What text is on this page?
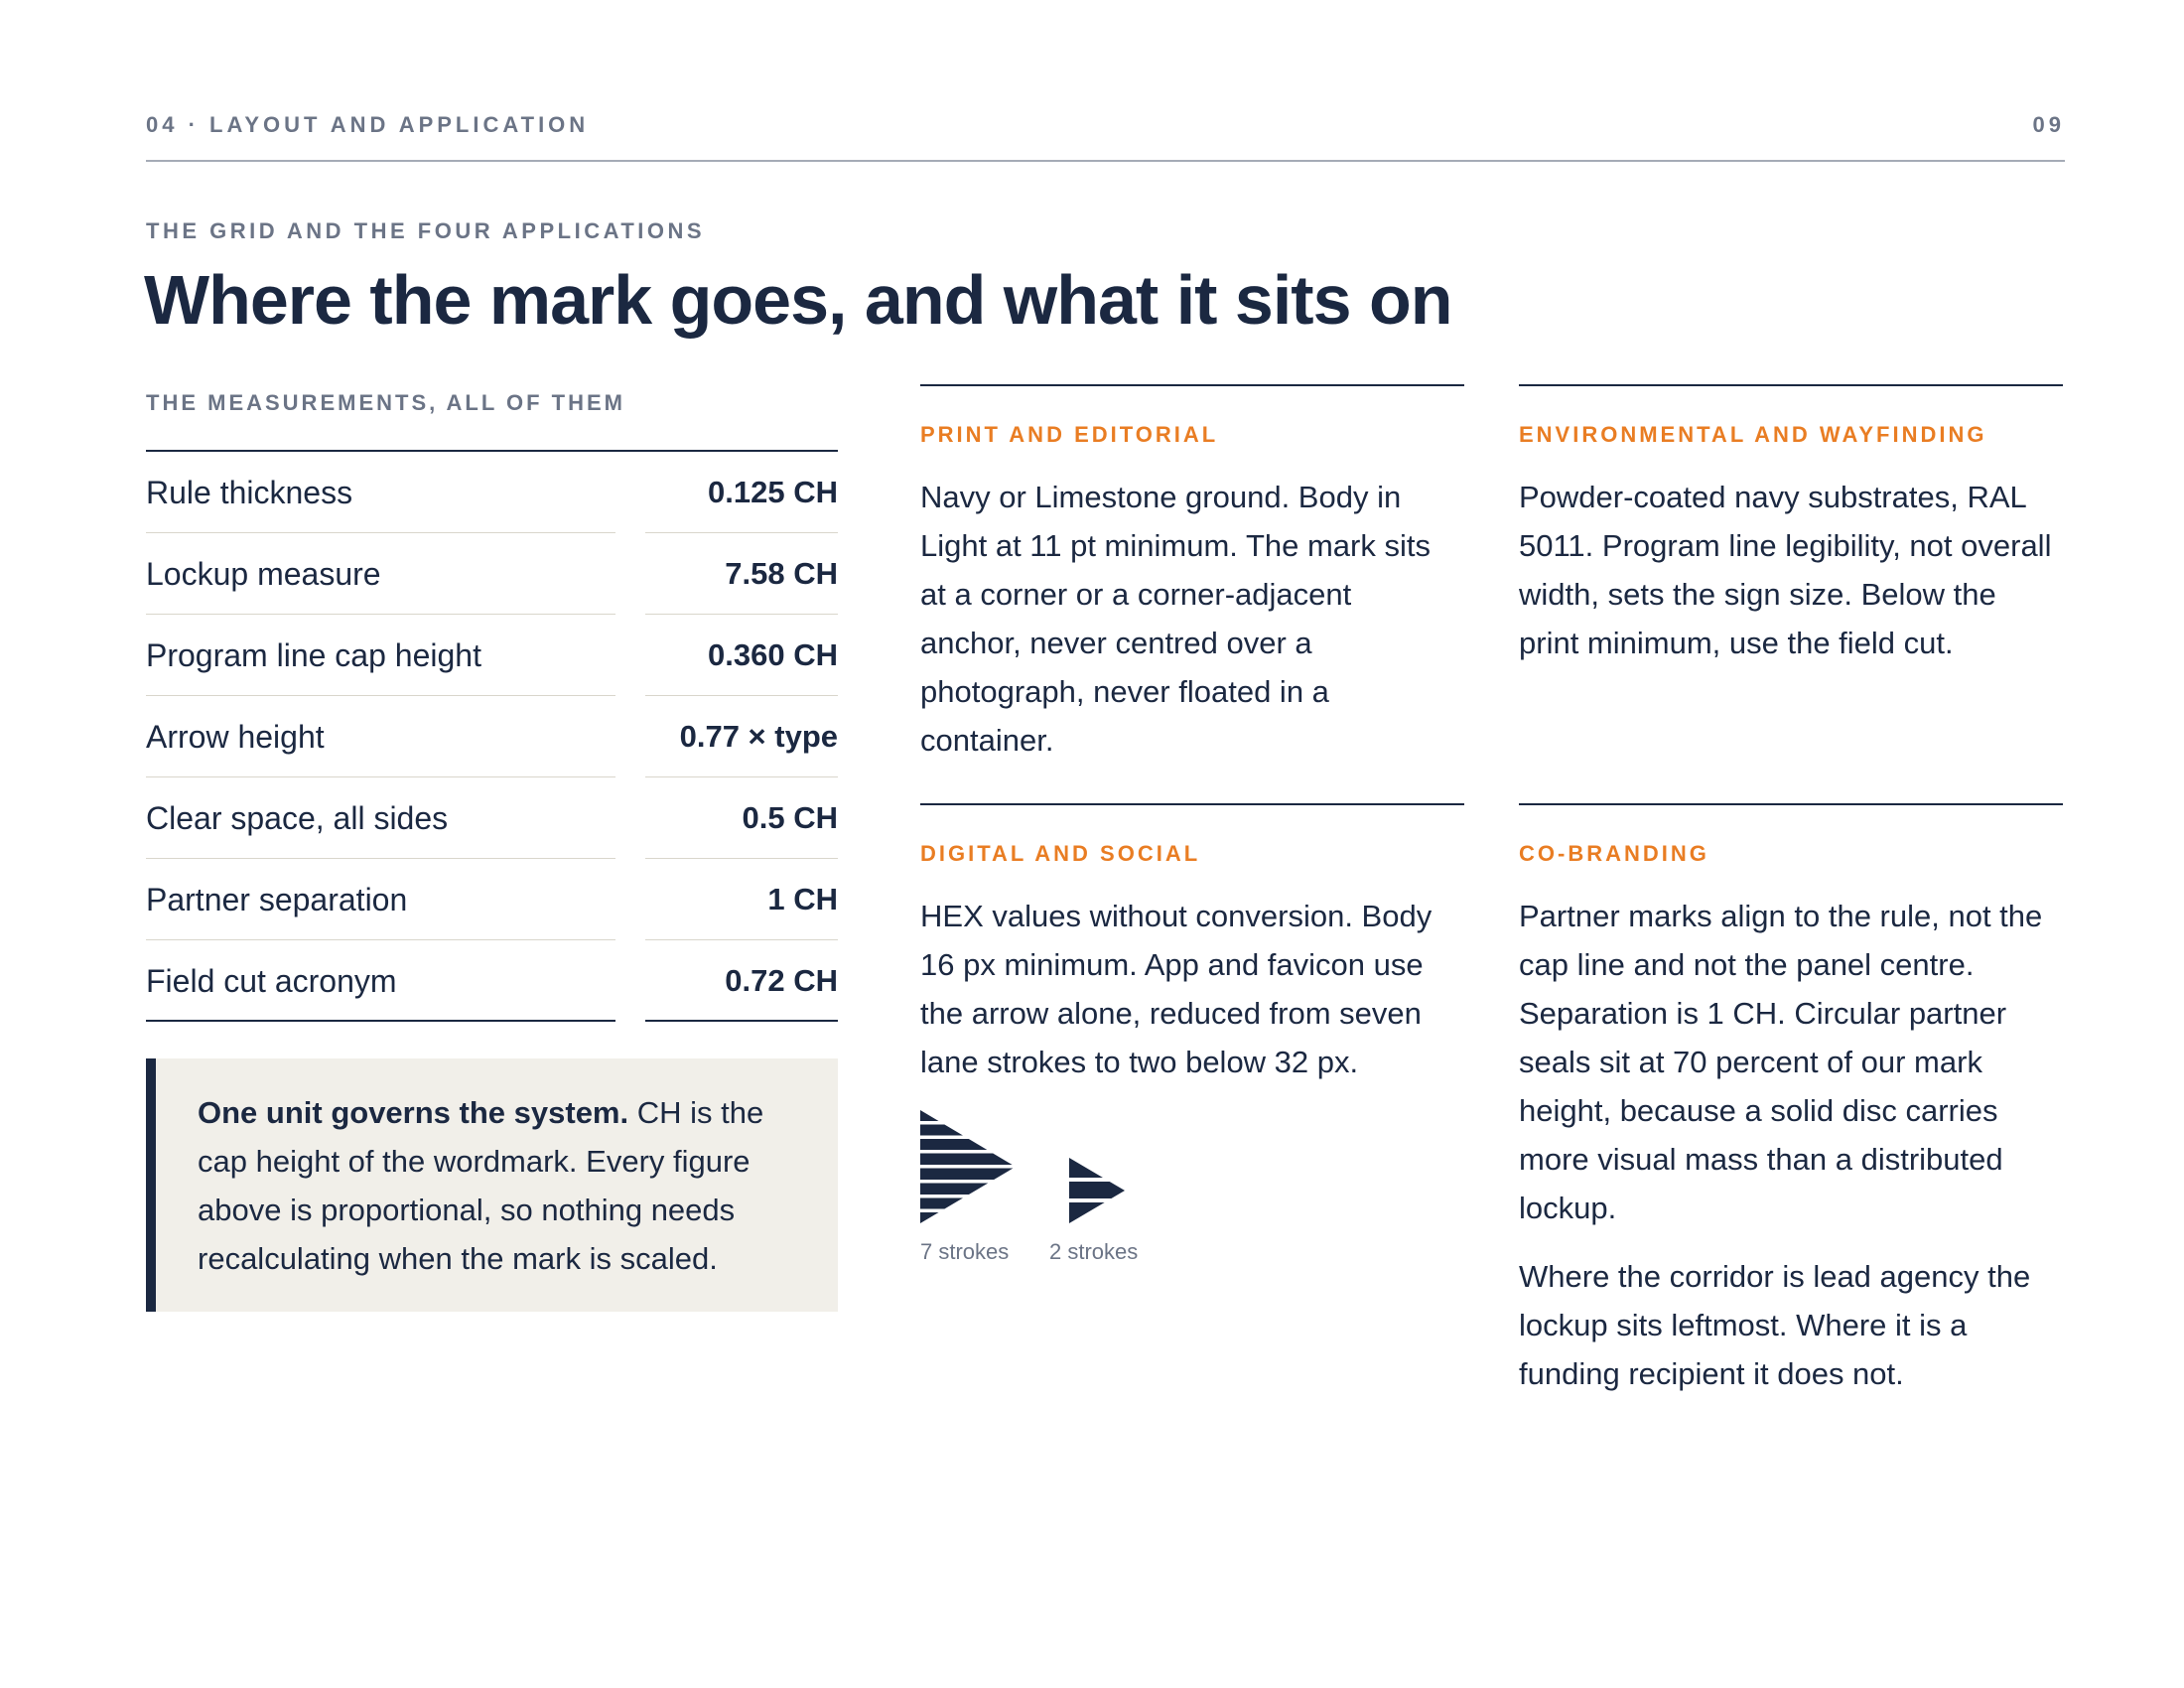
04 · LAYOUT AND APPLICATION	09
THE GRID AND THE FOUR APPLICATIONS
Where the mark goes, and what it sits on
THE MEASUREMENTS, ALL OF THEM
Rule thickness	0.125 CH
Lockup measure	7.58 CH
Program line cap height	0.360 CH
Arrow height	0.77 × type
Clear space, all sides	0.5 CH
Partner separation	1 CH
Field cut acronym	0.72 CH
One unit governs the system. CH is the cap height of the wordmark. Every figure above is proportional, so nothing needs recalculating when the mark is scaled.
PRINT AND EDITORIAL

Navy or Limestone ground. Body in Light at 11 pt minimum. The mark sits at a corner or a corner-adjacent anchor, never centred over a photograph, never floated in a container.

ENVIRONMENTAL AND WAYFINDING

Powder-coated navy substrates, RAL 5011. Program line legibility, not overall width, sets the sign size. Below the print minimum, use the field cut.

DIGITAL AND SOCIAL

HEX values without conversion. Body 16 px minimum. App and favicon use the arrow alone, reduced from seven lane strokes to two below 32 px.

CO-BRANDING

Partner marks align to the rule, not the cap line and not the panel centre. Separation is 1 CH. Circular partner seals sit at 70 percent of our mark height, because a solid disc carries more visual mass than a distributed lockup.

Where the corridor is lead agency the lockup sits leftmost. Where it is a funding recipient it does not.

7 strokes 2 strokes
